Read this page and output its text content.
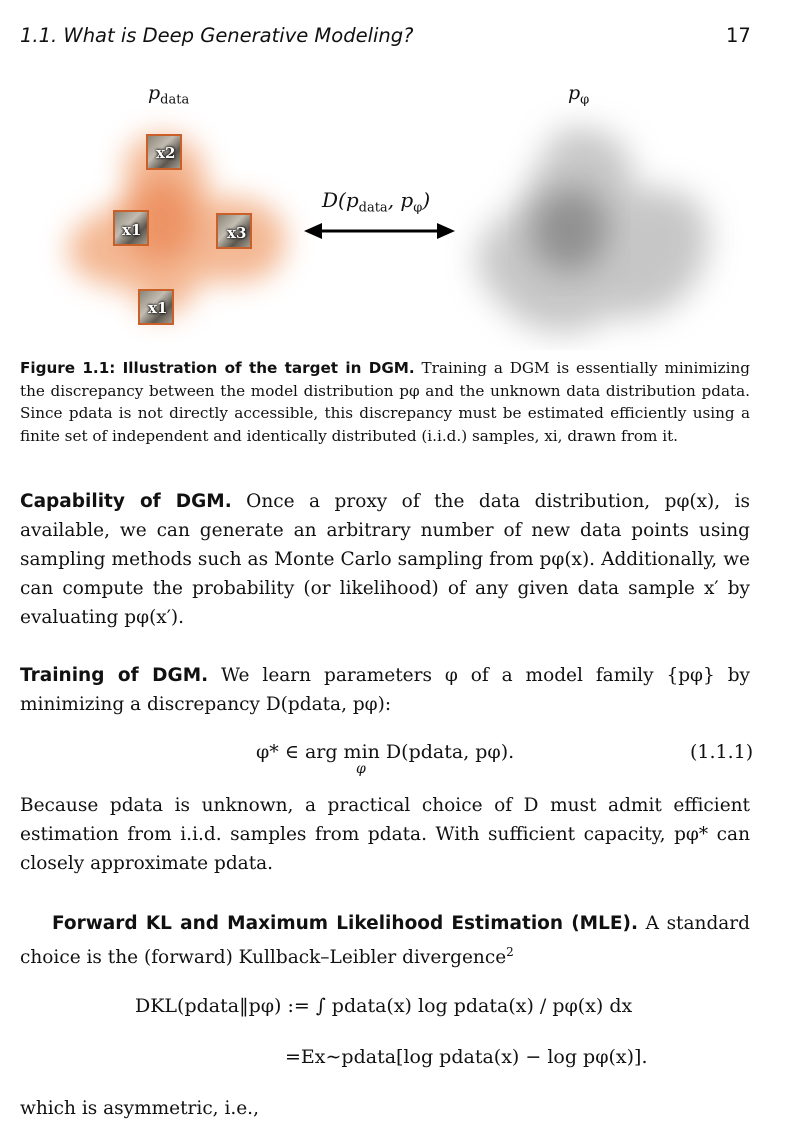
1.1. What is Deep Generative Modeling?	17
$p_{data}$	$p_\varphi$
x2
x1	x3
x1
$D(p_{data}$, $p_\varphi$)
Figure 1.1: Illustration of the target in DGM. Training a DGM is essentially minimizing the discrepancy between the model distribution pφ and the unknown data distribution pdata. Since pdata is not directly accessible, this discrepancy must be estimated efficiently using a finite set of independent and identically distributed (i.i.d.) samples, xi, drawn from it.
Capability of DGM. Once a proxy of the data distribution, pφ(x), is available, we can generate an arbitrary number of new data points using sampling methods such as Monte Carlo sampling from pφ(x). Additionally, we can compute the probability (or likelihood) of any given data sample x′ by evaluating pφ(x′).
Training of DGM. We learn parameters φ of a model family {pφ} by minimizing a discrepancy D(pdata, pφ):
φ* ∈ arg min D(pdata, pφ).
φ
(1.1.1)
Because pdata is unknown, a practical choice of D must admit efficient estimation from i.i.d. samples from pdata. With sufficient capacity, pφ* can closely approximate pdata.
Forward KL and Maximum Likelihood Estimation (MLE). A standard choice is the (forward) Kullback–Leibler divergence$^2$
DKL(pdata‖pφ) := ∫ pdata(x) log pdata(x) / pφ(x) dx
=Ex∼pdata[log pdata(x) − log pφ(x)].
which is asymmetric, i.e.,
